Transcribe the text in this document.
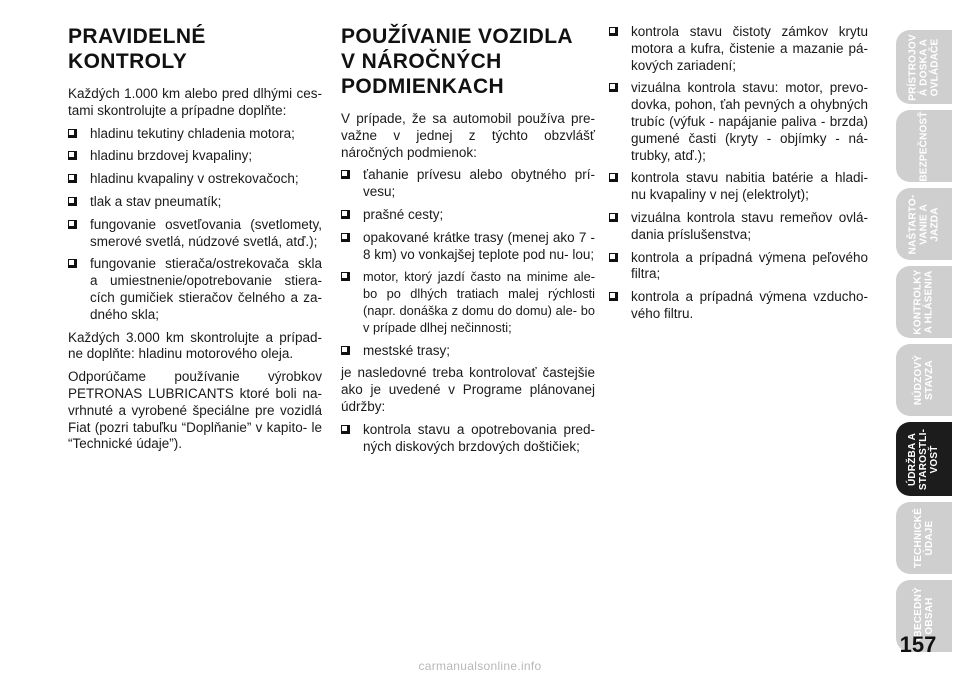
PRAVIDELNÉ
KONTROLY

Každých 1.000 km alebo pred dlhými ces- tami skontrolujte a prípadne doplňte:

hladinu tekutiny chladenia motora;
hladinu brzdovej kvapaliny;
hladinu kvapaliny v ostrekovačoch;
tlak a stav pneumatík;
fungovanie osvetľovania (svetlomety, smerové svetlá, núdzové svetlá, atď.);
fungovanie stierača/ostrekovača skla a umiestnenie/opotrebovanie stiera- cích gumičiek stieračov čelného a za- dného skla;

Každých 3.000 km skontrolujte a prípad- ne doplňte: hladinu motorového oleja.

Odporúčame používanie výrobkov PETRONAS LUBRICANTS ktoré boli na- vrhnuté a vyrobené špeciálne pre vozidlá Fiat (pozri tabuľku “Doplňanie” v kapito- le “Technické údaje”).

POUŽÍVANIE VOZIDLA
V NÁROČNÝCH
PODMIENKACH

V prípade, že sa automobil používa pre- važne v jednej z týchto obzvlášť náročných podmienok:

ťahanie prívesu alebo obytného prí- vesu;
prašné cesty;
opakované krátke trasy (menej ako 7 - 8 km) vo vonkajšej teplote pod nu- lou;
motor, ktorý jazdí často na minime ale- bo po dlhých tratiach malej rýchlosti (napr. donáška z domu do domu) ale- bo v prípade dlhej nečinnosti;
mestské trasy;

je nasledovné treba kontrolovať častejšie ako je uvedené v Programe plánovanej údržby:

kontrola stavu a opotrebovania pred- ných diskových brzdových doštičiek;
kontrola stavu čistoty zámkov krytu motora a kufra, čistenie a mazanie pá- kových zariadení;
vizuálna kontrola stavu: motor, prevo- dovka, pohon, ťah pevných a ohybných trubíc (výfuk - napájanie paliva - brzda) gumené časti (kryty - objímky - ná- trubky, atď.);
kontrola stavu nabitia batérie a hladi- nu kvapaliny v nej (elektrolyt);
vizuálna kontrola stavu remeňov ovlá- dania príslušenstva;
kontrola a prípadná výmena peľového filtra;
kontrola a prípadná výmena vzducho- vého filtru.
PRÍSTROJOV
Á DOSKA A
OVLÁDAČE
BEZPEČNOSŤ
NAŠTARTO-
VANIE A
JAZDA
KONTROLKY
A HLÁSENIA
NÚDZOVÝ
STAVZA
ÚDRŽBA A
STAROSTLI-
VOSŤ
TECHNICKÉ
ÚDAJE
ABECEDNÝ
OBSAH
157
carmanualsonline.info
